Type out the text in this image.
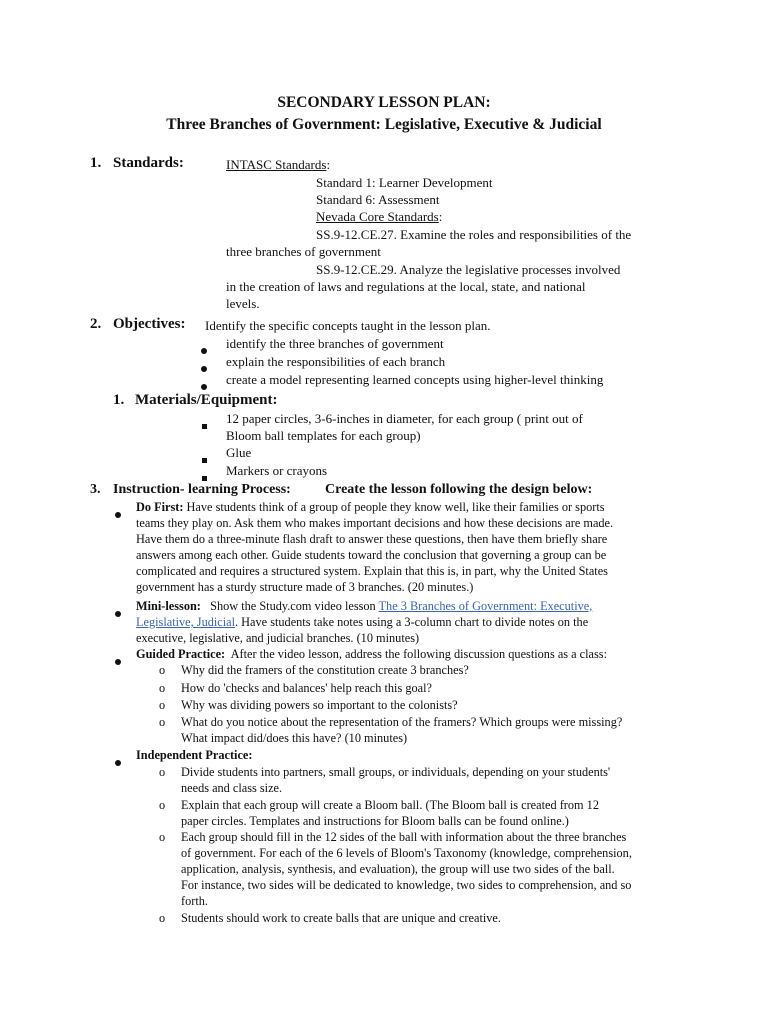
SECONDARY LESSON PLAN:
Three Branches of Government: Legislative, Executive & Judicial
1. Standards:	INTASC Standards:
Standard 1: Learner Development
Standard 6: Assessment
Nevada Core Standards:
SS.9-12.CE.27. Examine the roles and responsibilities of the
three branches of government
SS.9-12.CE.29. Analyze the legislative processes involved
in the creation of laws and regulations at the local, state, and national
levels.
2. Objectives: Identify the specific concepts taught in the lesson plan.
identify the three branches of government
explain the responsibilities of each branch
create a model representing learned concepts using higher-level thinking
1. Materials/Equipment:
12 paper circles, 3-6-inches in diameter, for each group ( print out of
Bloom ball templates for each group)
Glue
Markers or crayons
3. Instruction- learning Process: Create the lesson following the design below:
Do First: Have students think of a group of people they know well, like their families or sports
teams they play on. Ask them who makes important decisions and how these decisions are made.
Have them do a three-minute flash draft to answer these questions, then have them briefly share
answers among each other. Guide students toward the conclusion that governing a group can be
complicated and requires a structured system. Explain that this is, in part, why the United States
government has a sturdy structure made of 3 branches. (20 minutes.)
Mini-lesson: Show the Study.com video lesson The 3 Branches of Government: Executive,
Legislative, Judicial. Have students take notes using a 3-column chart to divide notes on the
executive, legislative, and judicial branches. (10 minutes)
Guided Practice: After the video lesson, address the following discussion questions as a class:
o Why did the framers of the constitution create 3 branches?
o How do 'checks and balances' help reach this goal?
o Why was dividing powers so important to the colonists?
o What do you notice about the representation of the framers? Which groups were missing?
What impact did/does this have? (10 minutes)
Independent Practice:
o Divide students into partners, small groups, or individuals, depending on your students'
needs and class size.
o Explain that each group will create a Bloom ball. (The Bloom ball is created from 12
paper circles. Templates and instructions for Bloom balls can be found online.)
o Each group should fill in the 12 sides of the ball with information about the three branches
of government. For each of the 6 levels of Bloom's Taxonomy (knowledge, comprehension,
application, analysis, synthesis, and evaluation), the group will use two sides of the ball.
For instance, two sides will be dedicated to knowledge, two sides to comprehension, and so
forth.
o Students should work to create balls that are unique and creative.
